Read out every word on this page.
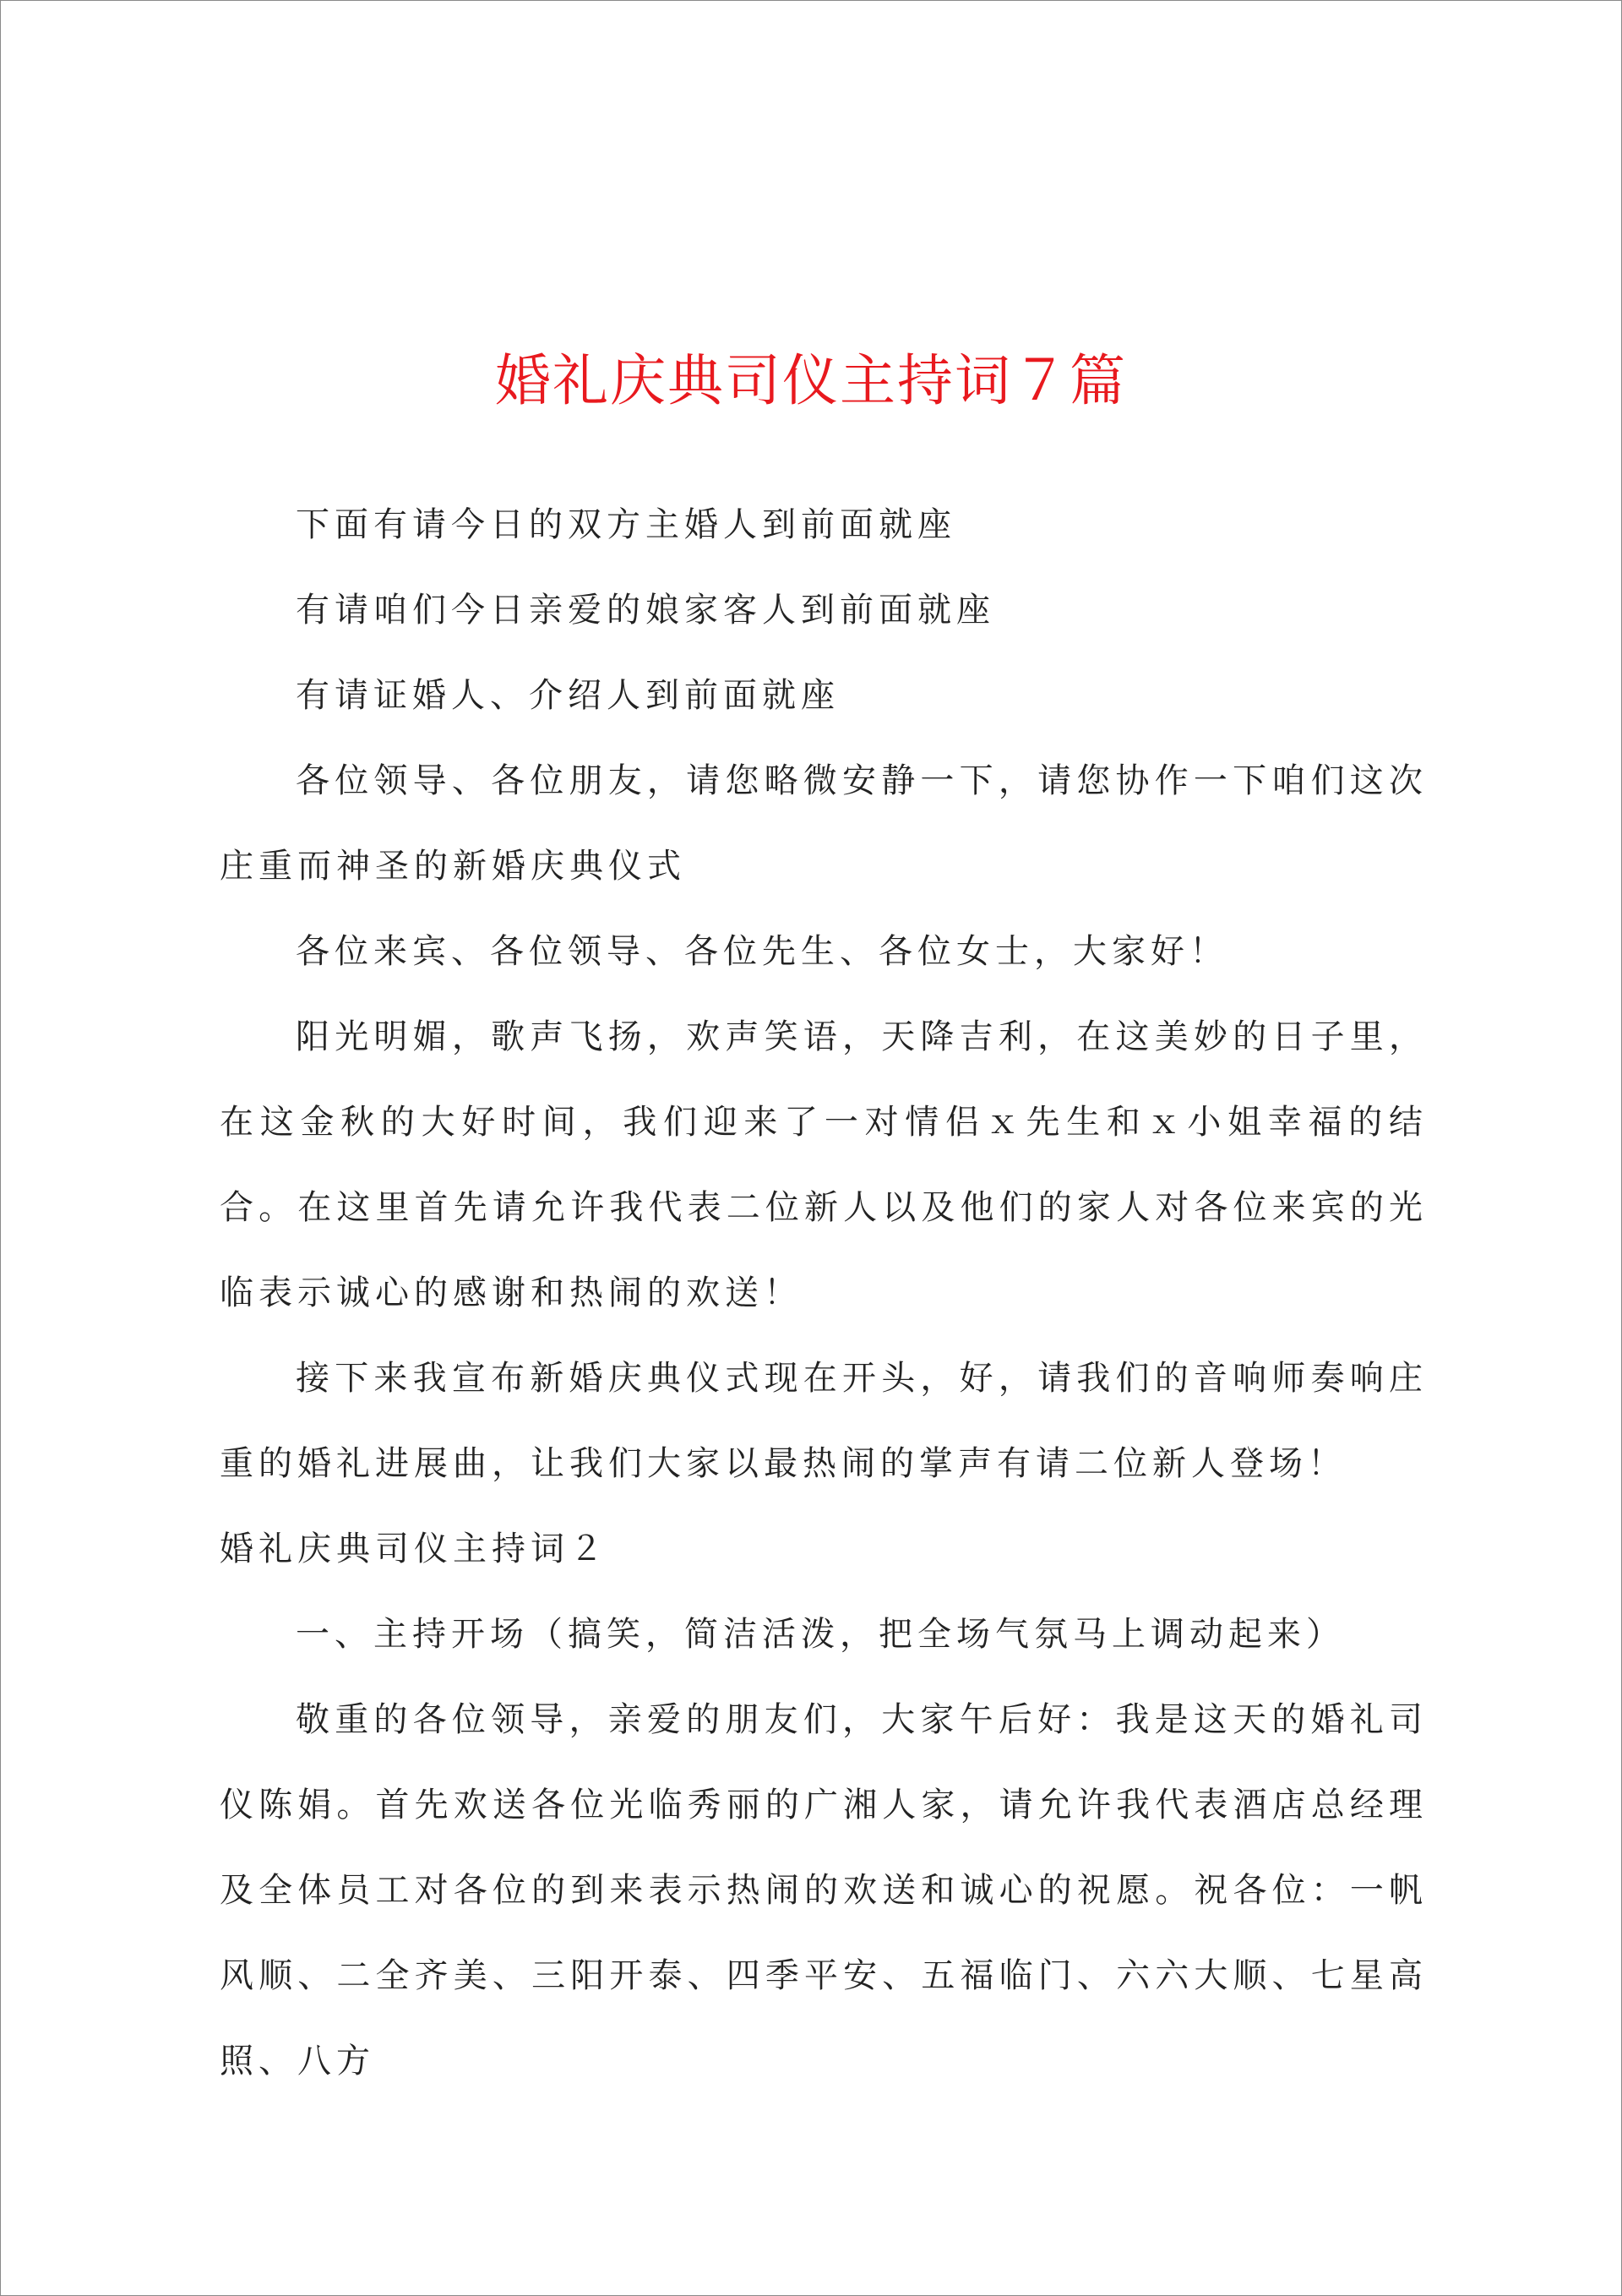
婚礼庆典司仪主持词７篇

下面有请今日的双方主婚人到前面就座

有请咱们今日亲爱的娘家客人到前面就座

有请证婚人、介绍人到前面就座

各位领导、各位朋友，请您略微安静一下，请您协作一下咱们这次庄重而神圣的新婚庆典仪式

各位来宾、各位领导、各位先生、各位女士，大家好！

阳光明媚，歌声飞扬，欢声笑语，天降吉利，在这美妙的日子里，在这金秋的大好时间，我们迎来了一对情侣ｘ先生和ｘ小姐幸福的结合。在这里首先请允许我代表二位新人以及他们的家人对各位来宾的光临表示诚心的感谢和热闹的欢送！

接下来我宣布新婚庆典仪式现在开头，好，请我们的音响师奏响庄重的婚礼进展曲，让我们大家以最热闹的掌声有请二位新人登场！

婚礼庆典司仪主持词２

一、主持开场（搞笑，简洁活泼，把全场气氛马上调动起来）

敬重的各位领导，亲爱的朋友们，大家午后好：我是这天的婚礼司仪陈娟。首先欢送各位光临秀丽的广湘人家，请允许我代表酒店总经理及全体员工对各位的到来表示热闹的欢送和诚心的祝愿。祝各位：一帆风顺、二全齐美、三阳开泰、四季平安、五福临门、六六大顺、七星高照、八方
